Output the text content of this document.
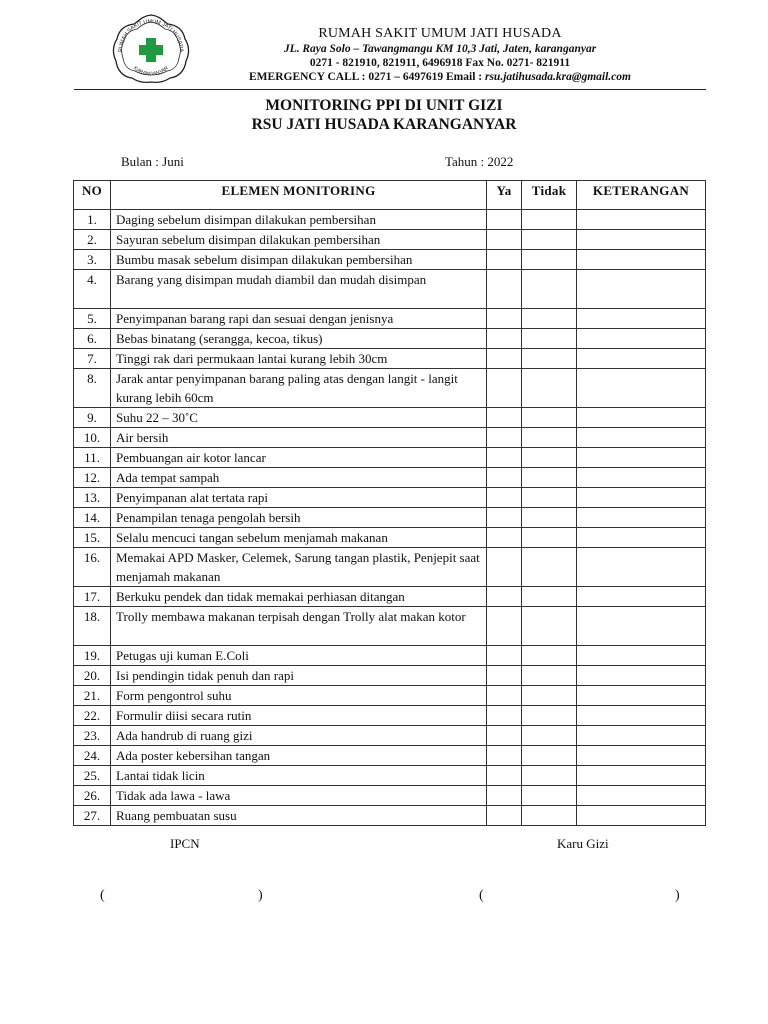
RUMAH SAKIT UMUM JATI HUSADA
KARANGANYAR
RUMAH SAKIT UMUM JATI HUSADA
JL. Raya Solo – Tawangmangu KM 10,3 Jati, Jaten, karanganyar
0271 - 821910, 821911, 6496918 Fax No. 0271- 821911
EMERGENCY CALL : 0271 – 6497619 Email : rsu.jatihusada.kra@gmail.com
MONITORING PPI DI UNIT GIZI
RSU JATI HUSADA KARANGANYAR
Bulan : Juni	Tahun : 2022
NO	ELEMEN MONITORING	Ya	Tidak	KETERANGAN
1.	Daging sebelum disimpan dilakukan pembersihan			
2.	Sayuran sebelum disimpan dilakukan pembersihan			
3.	Bumbu masak sebelum disimpan dilakukan pembersihan			
4.	Barang yang disimpan mudah diambil dan mudah disimpan			
5.	Penyimpanan barang rapi dan sesuai dengan jenisnya			
6.	Bebas binatang (serangga, kecoa, tikus)			
7.	Tinggi rak dari permukaan lantai kurang lebih 30cm			
8.	Jarak antar penyimpanan barang paling atas dengan langit - langit kurang lebih 60cm			
9.	Suhu 22 – 30˚C			
10.	Air bersih			
11.	Pembuangan air kotor lancar			
12.	Ada tempat sampah			
13.	Penyimpanan alat tertata rapi			
14.	Penampilan tenaga pengolah bersih			
15.	Selalu mencuci tangan sebelum menjamah makanan			
16.	Memakai APD Masker, Celemek, Sarung tangan plastik, Penjepit saat menjamah makanan			
17.	Berkuku pendek dan tidak memakai perhiasan ditangan			
18.	Trolly membawa makanan terpisah dengan Trolly alat makan kotor			
19.	Petugas uji kuman E.Coli			
20.	Isi pendingin tidak penuh dan rapi			
21.	Form pengontrol suhu			
22.	Formulir diisi secara rutin			
23.	Ada handrub di ruang gizi			
24.	Ada poster kebersihan tangan			
25.	Lantai tidak licin			
26.	Tidak ada lawa - lawa			
27.	Ruang pembuatan susu			
IPCN	Karu Gizi
(	)	(	)
